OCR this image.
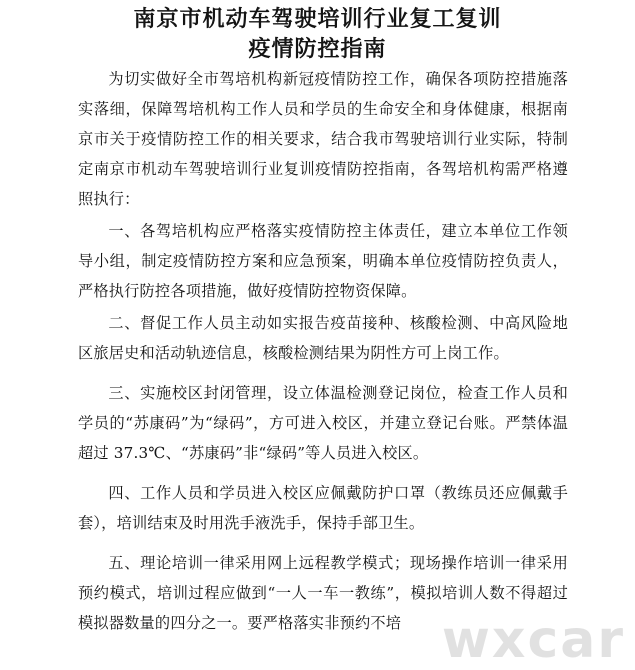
南京市机动车驾驶培训行业复工复训
疫情防控指南

为切实做好全市驾培机构新冠疫情防控工作，确保各项防控措施落实落细，保障驾培机构工作人员和学员的生命安全和身体健康，根据南京市关于疫情防控工作的相关要求，结合我市驾驶培训行业实际，特制定南京市机动车驾驶培训行业复训疫情防控指南，各驾培机构需严格遵照执行：

一、各驾培机构应严格落实疫情防控主体责任，建立本单位工作领导小组，制定疫情防控方案和应急预案，明确本单位疫情防控负责人，严格执行防控各项措施，做好疫情防控物资保障。

二、督促工作人员主动如实报告疫苗接种、核酸检测、中高风险地区旅居史和活动轨迹信息，核酸检测结果为阴性方可上岗工作。

三、实施校区封闭管理，设立体温检测登记岗位，检查工作人员和学员的“苏康码”为“绿码”，方可进入校区，并建立登记台账。严禁体温超过 37.3℃、“苏康码”非“绿码”等人员进入校区。

四、工作人员和学员进入校区应佩戴防护口罩（教练员还应佩戴手套），培训结束及时用洗手液洗手，保持手部卫生。

五、理论培训一律采用网上远程教学模式；现场操作培训一律采用预约模式，培训过程应做到“一人一车一教练”，模拟培训人数不得超过模拟器数量的四分之一。要严格落实非预约不培 wxcar
